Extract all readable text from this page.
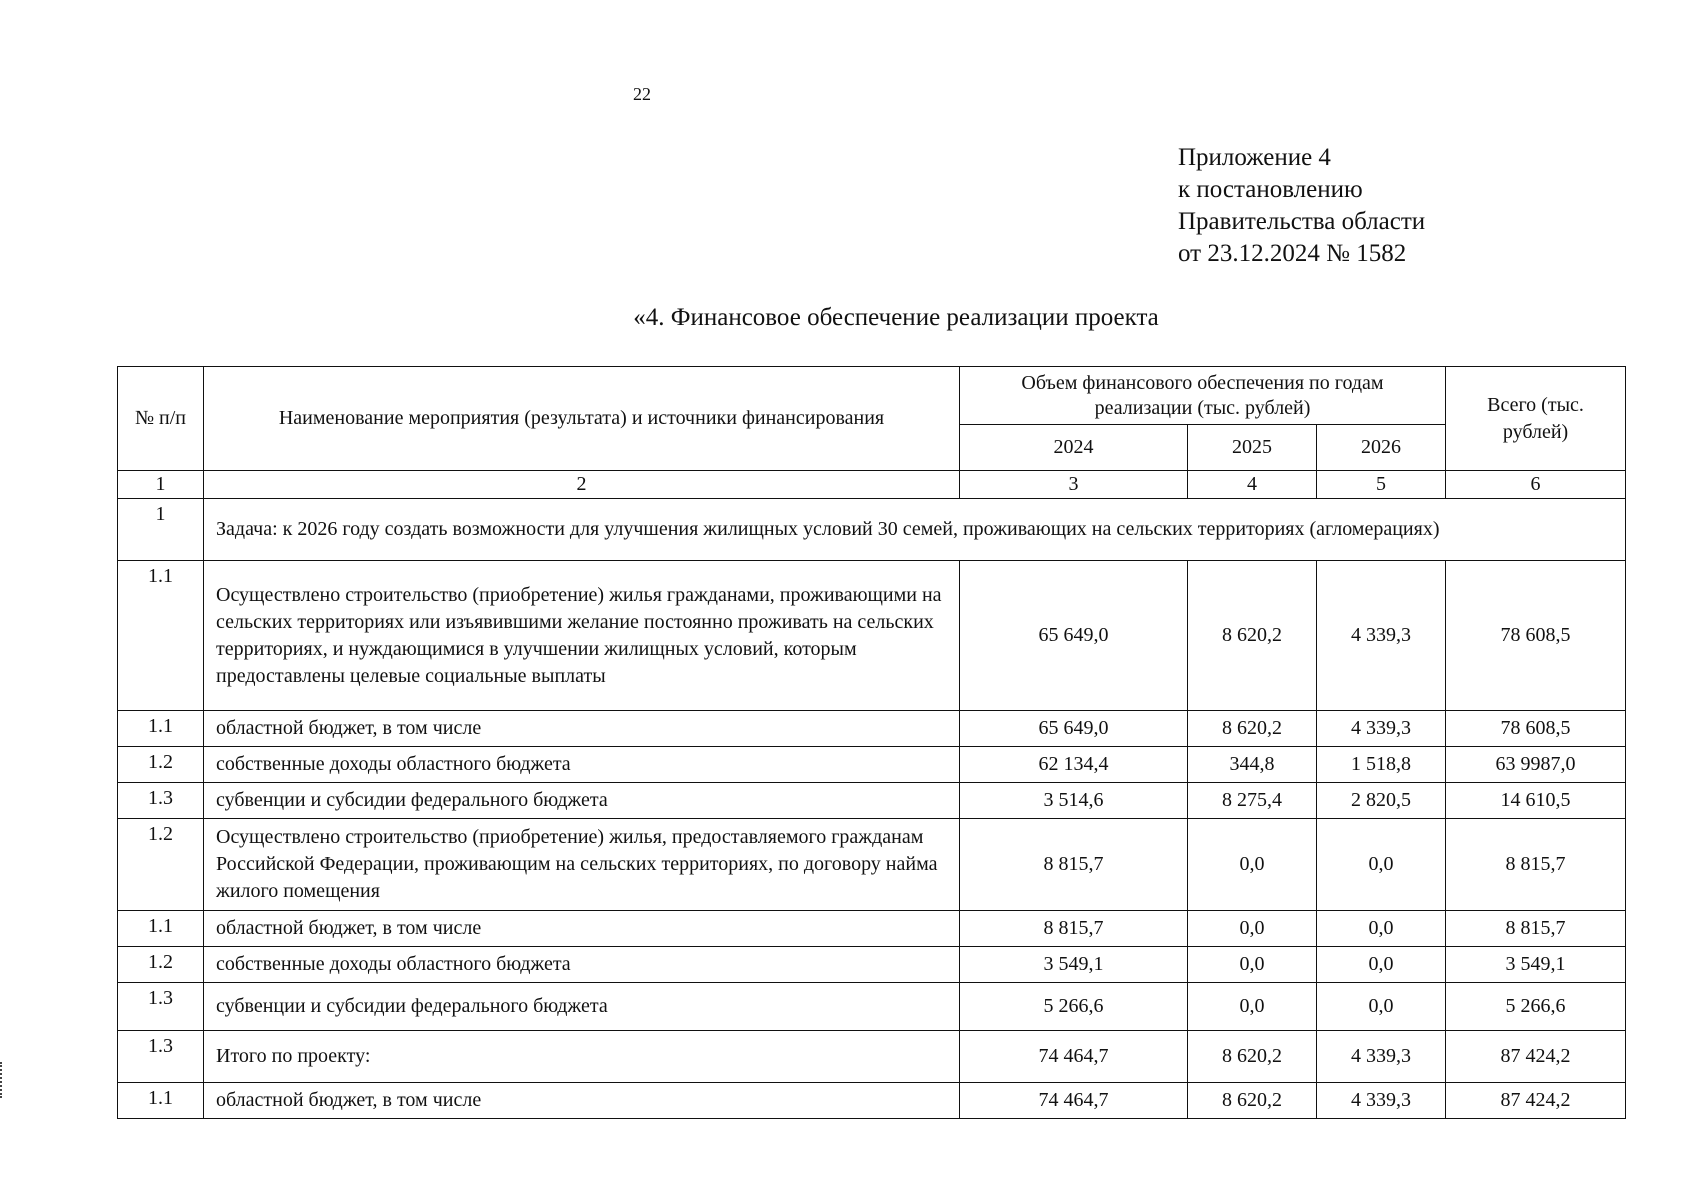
22
Приложение 4
к постановлению
Правительства области
от 23.12.2024 № 1582
«4. Финансовое обеспечение реализации проекта
№ п/п	Наименование мероприятия (результата) и источники финансирования	Объем финансового обеспечения по годам реализации (тыс. рублей)			Всего (тыс. рублей)
		2024	2025	2026	
1	2	3	4	5	6
1	Задача: к 2026 году создать возможности для улучшения жилищных условий 30 семей, проживающих на сельских территориях (агломерациях)				
1.1	Осуществлено строительство (приобретение) жилья гражданами, проживающими на сельских территориях или изъявившими желание постоянно проживать на сельских территориях, и нуждающимися в улучшении жилищных условий, которым предоставлены целевые социальные выплаты	65 649,0	8 620,2	4 339,3	78 608,5
1.1	областной бюджет, в том числе	65 649,0	8 620,2	4 339,3	78 608,5
1.2	собственные доходы областного бюджета	62 134,4	344,8	1 518,8	63 9987,0
1.3	субвенции и субсидии федерального бюджета	3 514,6	8 275,4	2 820,5	14 610,5
1.2	Осуществлено строительство (приобретение) жилья, предоставляемого гражданам Российской Федерации, проживающим на сельских территориях, по договору найма жилого помещения	8 815,7	0,0	0,0	8 815,7
1.1	областной бюджет, в том числе	8 815,7	0,0	0,0	8 815,7
1.2	собственные доходы областного бюджета	3 549,1	0,0	0,0	3 549,1
1.3	субвенции и субсидии федерального бюджета	5 266,6	0,0	0,0	5 266,6
1.3	Итого по проекту:	74 464,7	8 620,2	4 339,3	87 424,2
1.1	областной бюджет, в том числе	74 464,7	8 620,2	4 339,3	87 424,2
